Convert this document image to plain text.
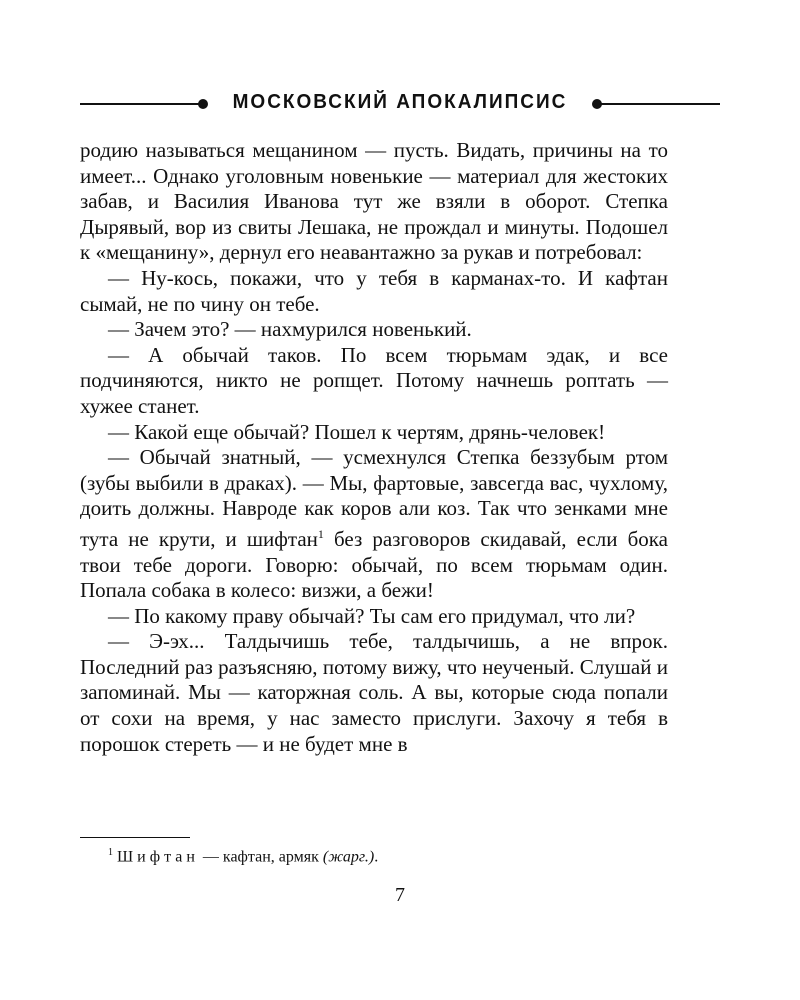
МОСКОВСКИЙ АПОКАЛИПСИС

родию называться мещанином — пусть. Видать, причины на то имеет... Однако уголовным новенькие — материал для жестоких забав, и Василия Иванова тут же взяли в оборот. Степка Дырявый, вор из свиты Лешака, не прождал и минуты. Подошел к «мещанину», дернул его неавантажно за рукав и потребовал:

— Ну-кось, покажи, что у тебя в карманах-то. И кафтан сымай, не по чину он тебе.

— Зачем это? — нахмурился новенький.

— А обычай таков. По всем тюрьмам эдак, и все подчиняются, никто не ропщет. Потому начнешь роптать — хужее станет.

— Какой еще обычай? Пошел к чертям, дрянь-человек!

— Обычай знатный, — усмехнулся Степка беззубым ртом (зубы выбили в драках). — Мы, фартовые, завсегда вас, чухлому, доить должны. Навроде как коров али коз. Так что зенками мне тута не крути, и шифтан$^1$ без разговоров скидавай, если бока твои тебе дороги. Говорю: обычай, по всем тюрьмам один. Попала собака в колесо: визжи, а бежи!

— По какому праву обычай? Ты сам его придумал, что ли?

— Э-эх... Талдычишь тебе, талдычишь, а не впрок. Последний раз разъясняю, потому вижу, что неученый. Слушай и запоминай. Мы — каторжная соль. А вы, которые сюда попали от сохи на время, у нас заместо прислуги. Захочу я тебя в порошок стереть — и не будет мне в

$^1$ Шифтан — кафтан, армяк (жарг.).
7
